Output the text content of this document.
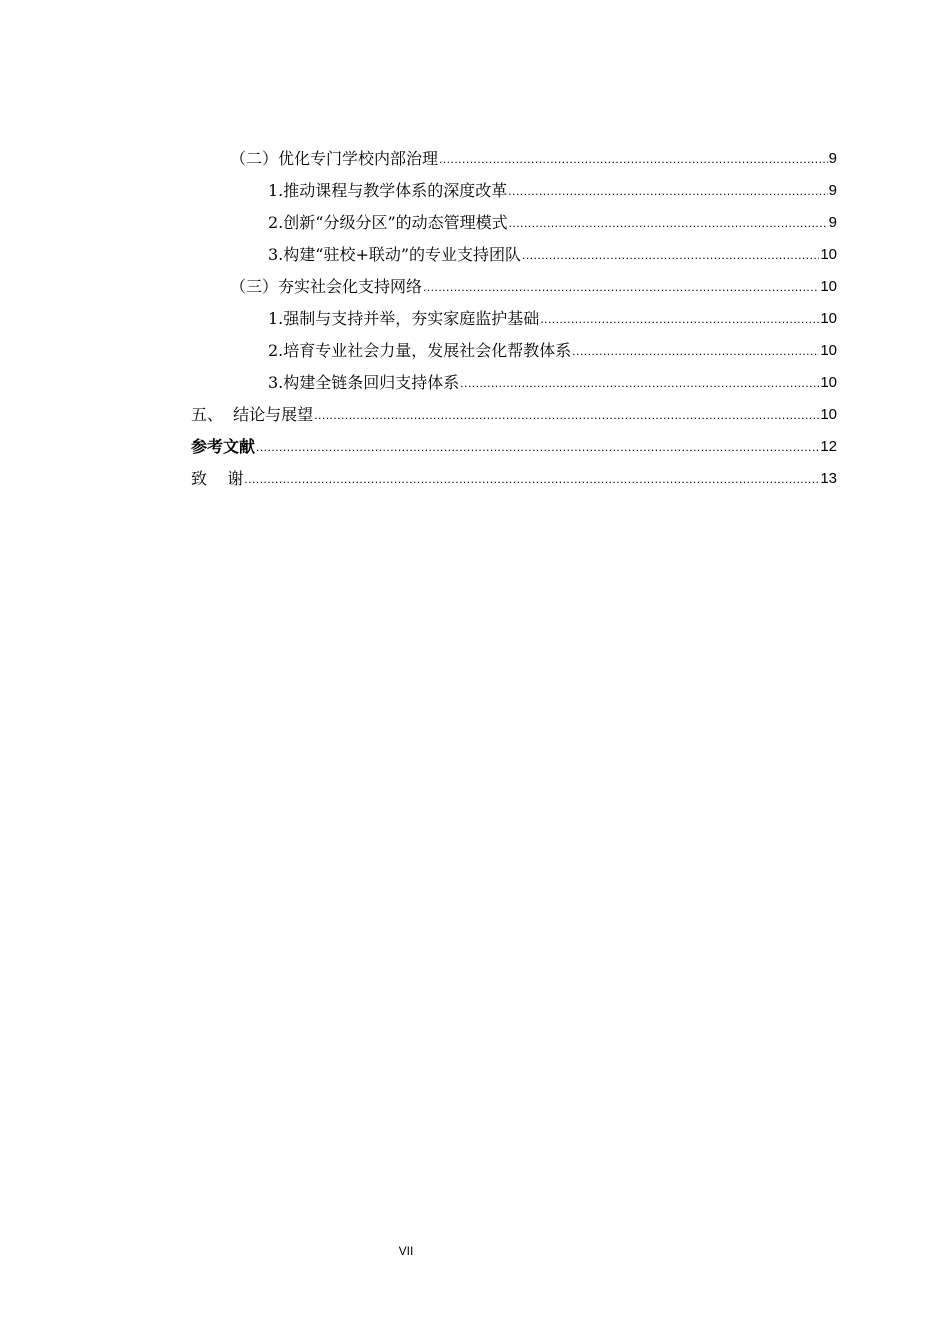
（二）优化专门学校内部治理 .....	9
1.推动课程与教学体系的深度改革 .....	9
2.创新“分级分区”的动态管理模式 .....	9
3.构建“驻校+联动”的专业支持团队 .....	10
（三）夯实社会化支持网络 .....	10
1.强制与支持并举，夯实家庭监护基础 .....	10
2.培育专业社会力量，发展社会化帮教体系 .....	10
3.构建全链条回归支持体系 .....	10
五、  结论与展望 .....	10
参考文献 .....	12
致    谢 .....	13
VII
